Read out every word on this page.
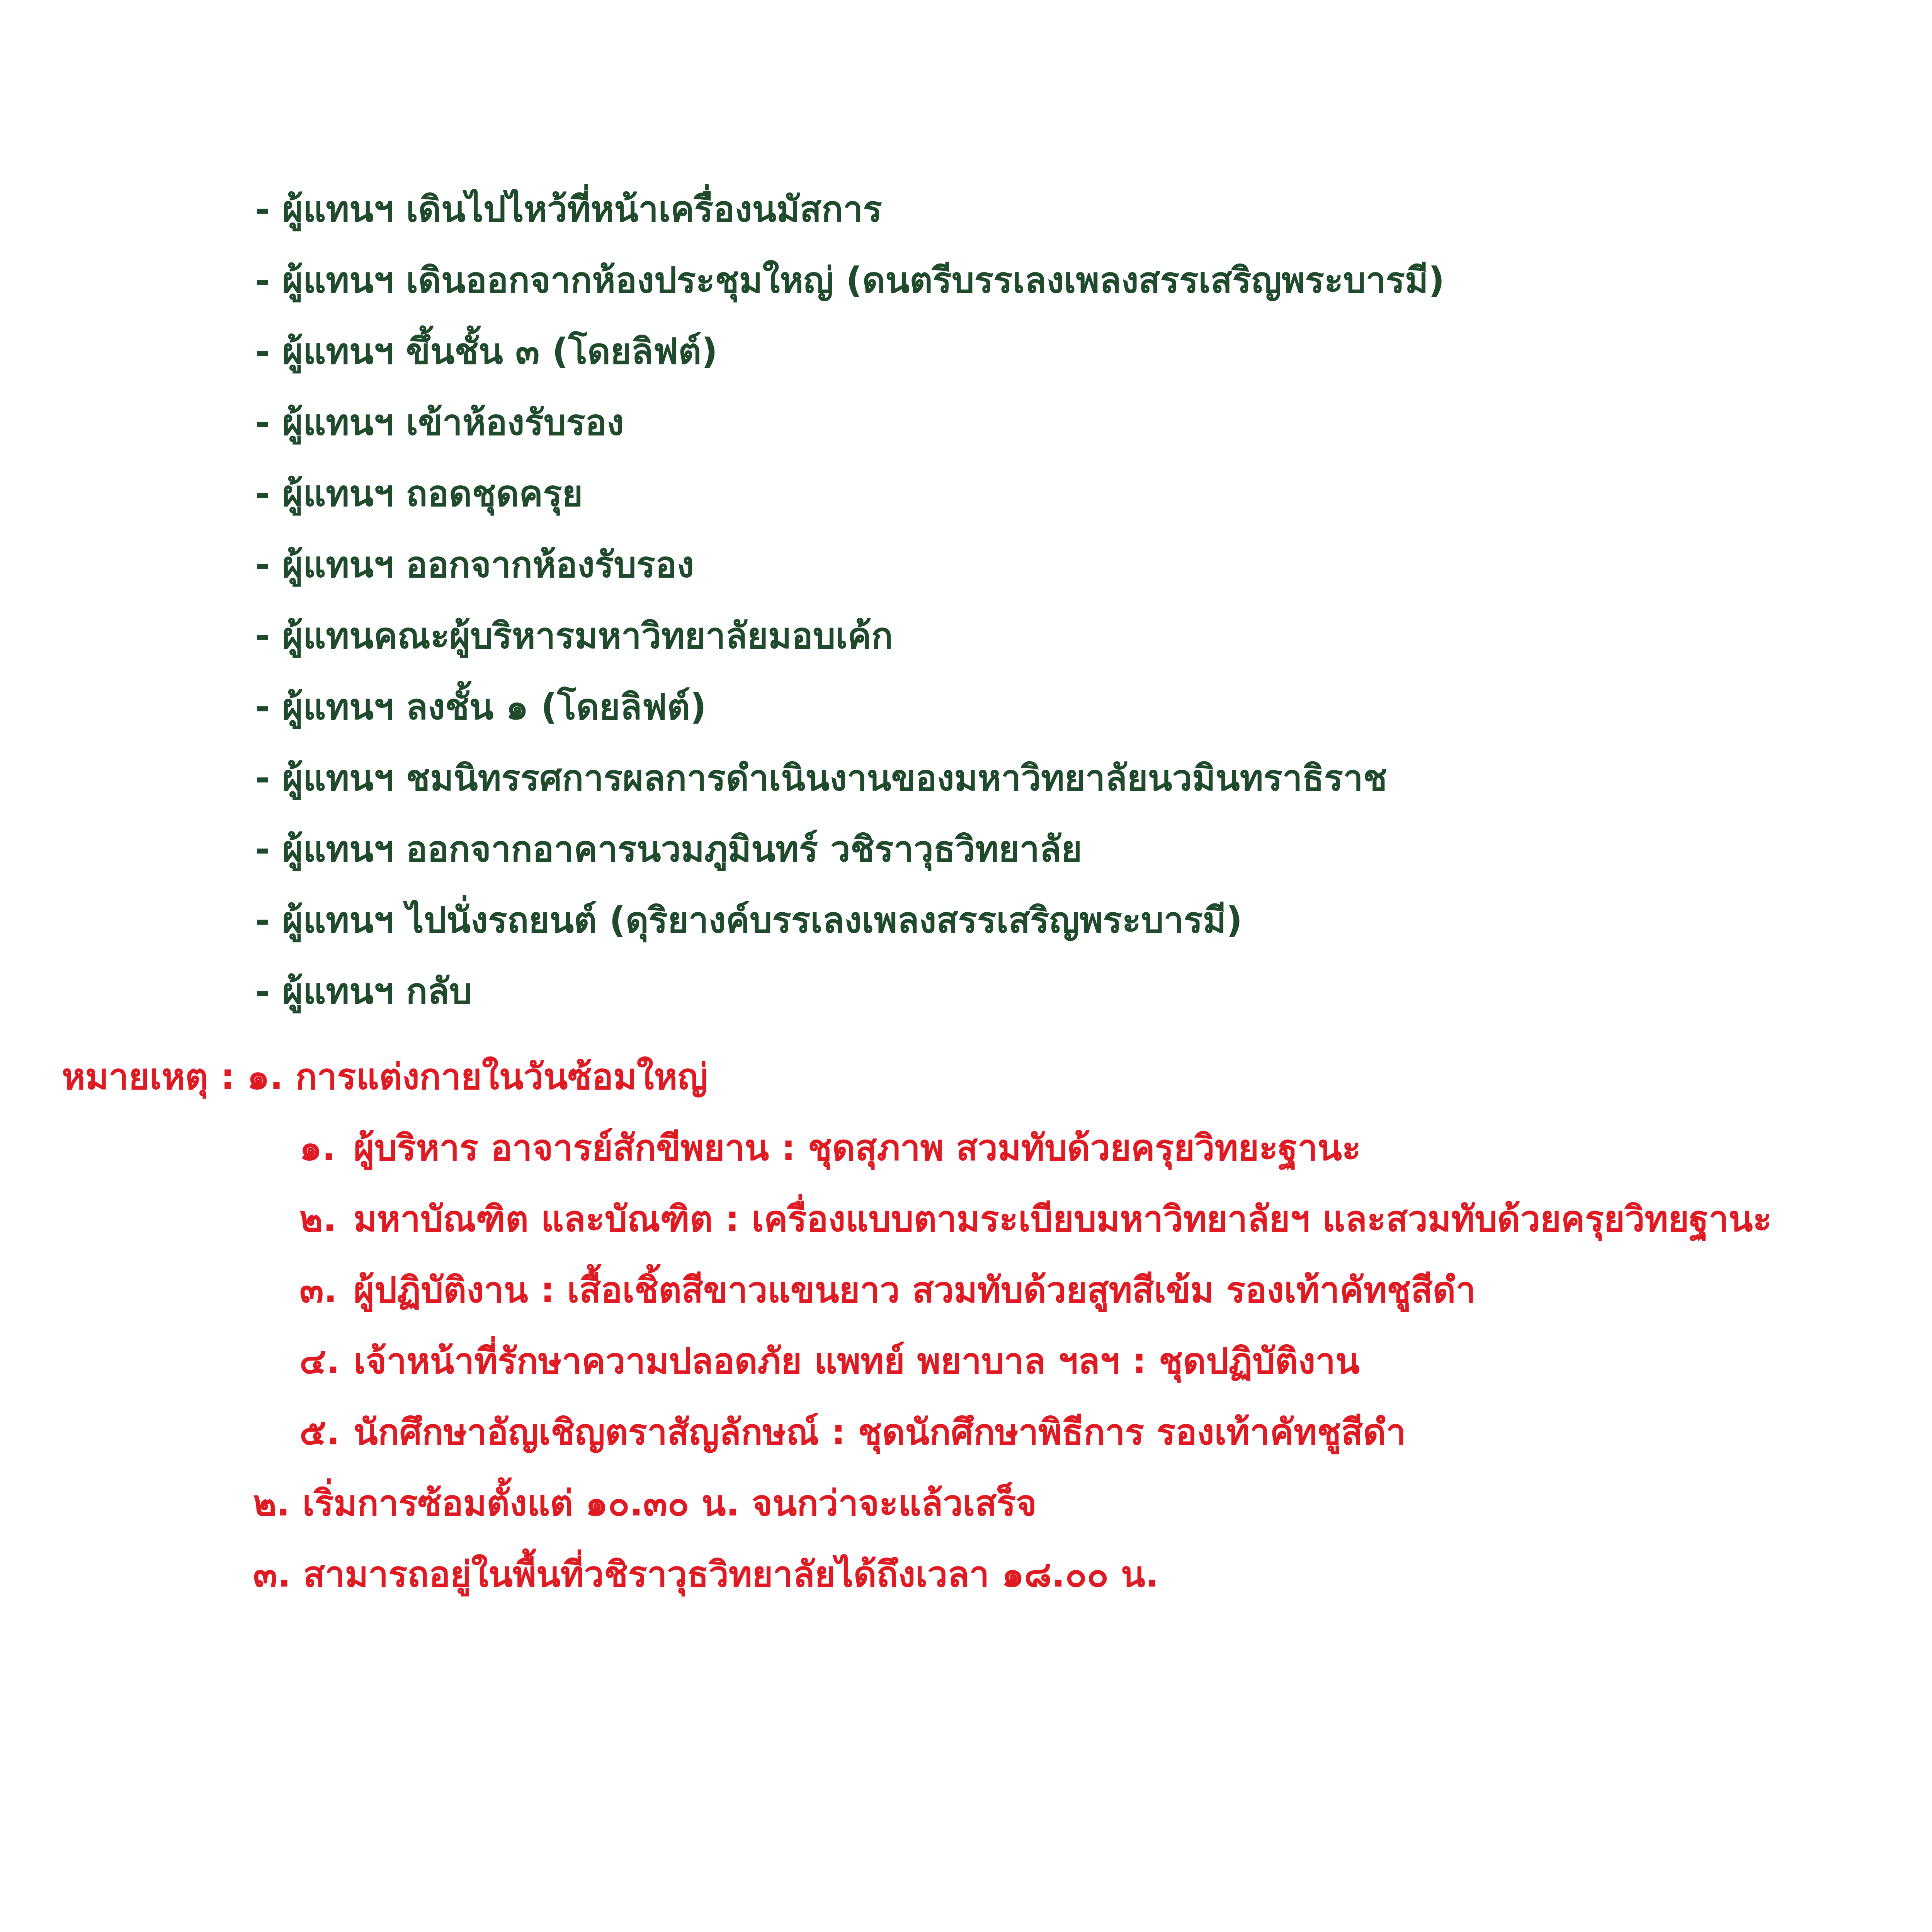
- ผู้แทนฯ เดินไปไหว้ที่หน้าเครื่องนมัสการ
- ผู้แทนฯ เดินออกจากห้องประชุมใหญ่ (ดนตรีบรรเลงเพลงสรรเสริญพระบารมี)
- ผู้แทนฯ ขึ้นชั้น ๓ (โดยลิฟต์)
- ผู้แทนฯ เข้าห้องรับรอง
- ผู้แทนฯ ถอดชุดครุย
- ผู้แทนฯ ออกจากห้องรับรอง
- ผู้แทนคณะผู้บริหารมหาวิทยาลัยมอบเค้ก
- ผู้แทนฯ ลงชั้น ๑ (โดยลิฟต์)
- ผู้แทนฯ ชมนิทรรศการผลการดำเนินงานของมหาวิทยาลัยนวมินทราธิราช
- ผู้แทนฯ ออกจากอาคารนวมภูมินทร์ วชิราวุธวิทยาลัย
- ผู้แทนฯ ไปนั่งรถยนต์ (ดุริยางค์บรรเลงเพลงสรรเสริญพระบารมี)
- ผู้แทนฯ กลับ
หมายเหตุ : ๑. การแต่งกายในวันซ้อมใหญ่
๑. ผู้บริหาร อาจารย์สักขีพยาน : ชุดสุภาพ สวมทับด้วยครุยวิทยะฐานะ
๒. มหาบัณฑิต และบัณฑิต : เครื่องแบบตามระเบียบมหาวิทยาลัยฯ และสวมทับด้วยครุยวิทยฐานะ
๓. ผู้ปฏิบัติงาน : เสื้อเชิ้ตสีขาวแขนยาว สวมทับด้วยสูทสีเข้ม รองเท้าคัทชูสีดำ
๔. เจ้าหน้าที่รักษาความปลอดภัย แพทย์ พยาบาล ฯลฯ : ชุดปฏิบัติงาน
๕. นักศึกษาอัญเชิญตราสัญลักษณ์ : ชุดนักศึกษาพิธีการ รองเท้าคัทชูสีดำ
๒. เริ่มการซ้อมตั้งแต่ ๑๐.๓๐ น. จนกว่าจะแล้วเสร็จ
๓. สามารถอยู่ในพื้นที่วชิราวุธวิทยาลัยได้ถึงเวลา ๑๘.๐๐ น.
